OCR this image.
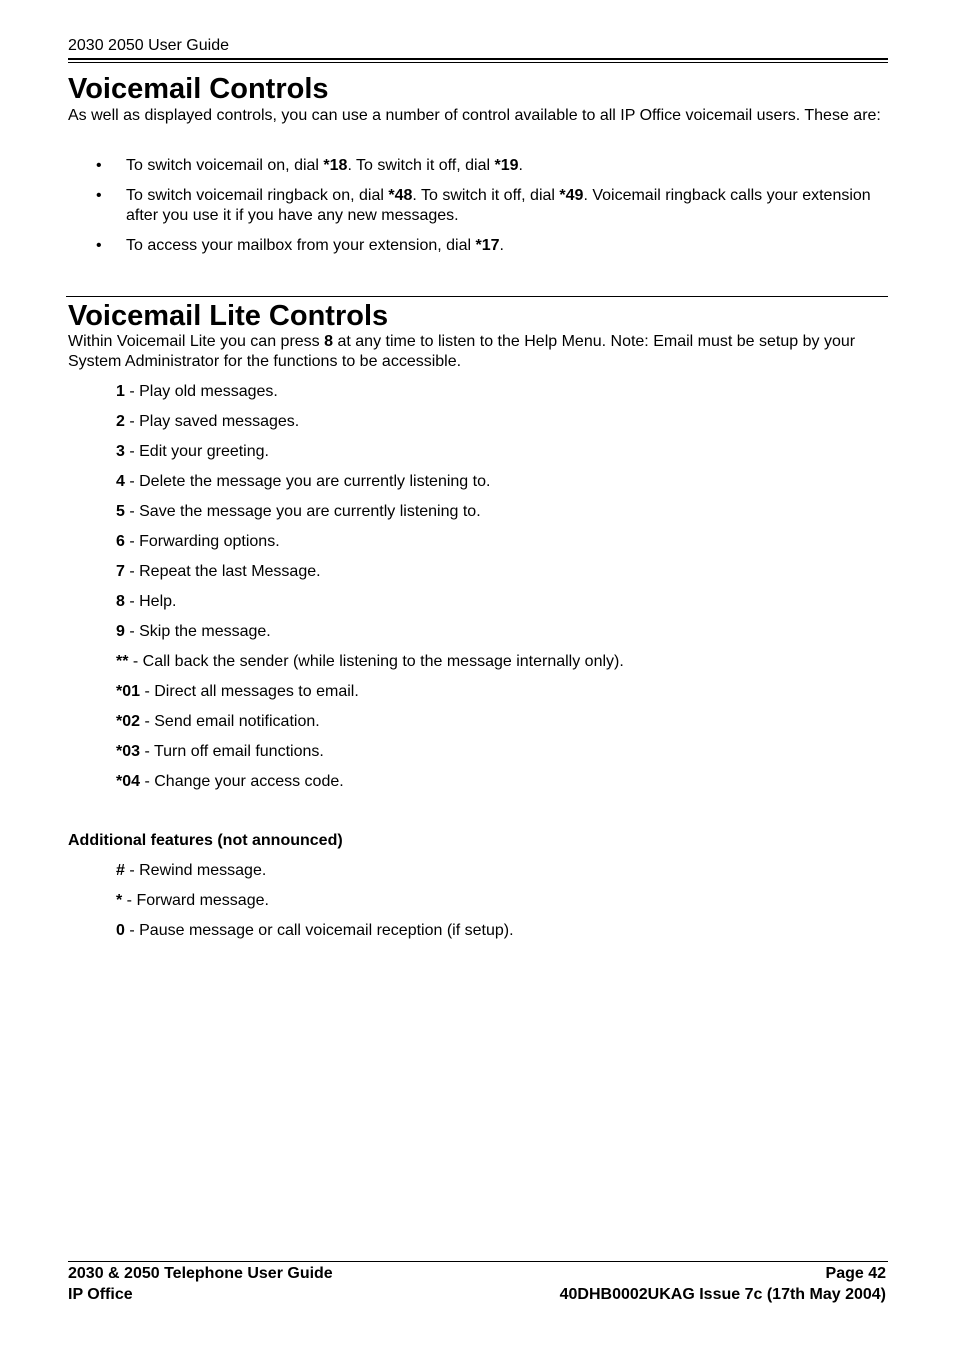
2030 2050 User Guide
Voicemail Controls

As well as displayed controls, you can use a number of control available to all IP Office voicemail users. These are:

• To switch voicemail on, dial *18. To switch it off, dial *19.
• To switch voicemail ringback on, dial *48. To switch it off, dial *49. Voicemail ringback calls your extension after you use it if you have any new messages.
• To access your mailbox from your extension, dial *17.
Voicemail Lite Controls

Within Voicemail Lite you can press 8 at any time to listen to the Help Menu. Note: Email must be setup by your System Administrator for the functions to be accessible.

1 - Play old messages.
2 - Play saved messages.
3 - Edit your greeting.
4 - Delete the message you are currently listening to.
5 - Save the message you are currently listening to.
6 - Forwarding options.
7 - Repeat the last Message.
8 - Help.
9 - Skip the message.
** - Call back the sender (while listening to the message internally only).
*01 - Direct all messages to email.
*02 - Send email notification.
*03 - Turn off email functions.
*04 - Change your access code.
Additional features (not announced)
# - Rewind message.
* - Forward message.
0 - Pause message or call voicemail reception (if setup).
2030 & 2050 Telephone User Guide	Page 42
IP Office	40DHB0002UKAG Issue 7c (17th May 2004)
